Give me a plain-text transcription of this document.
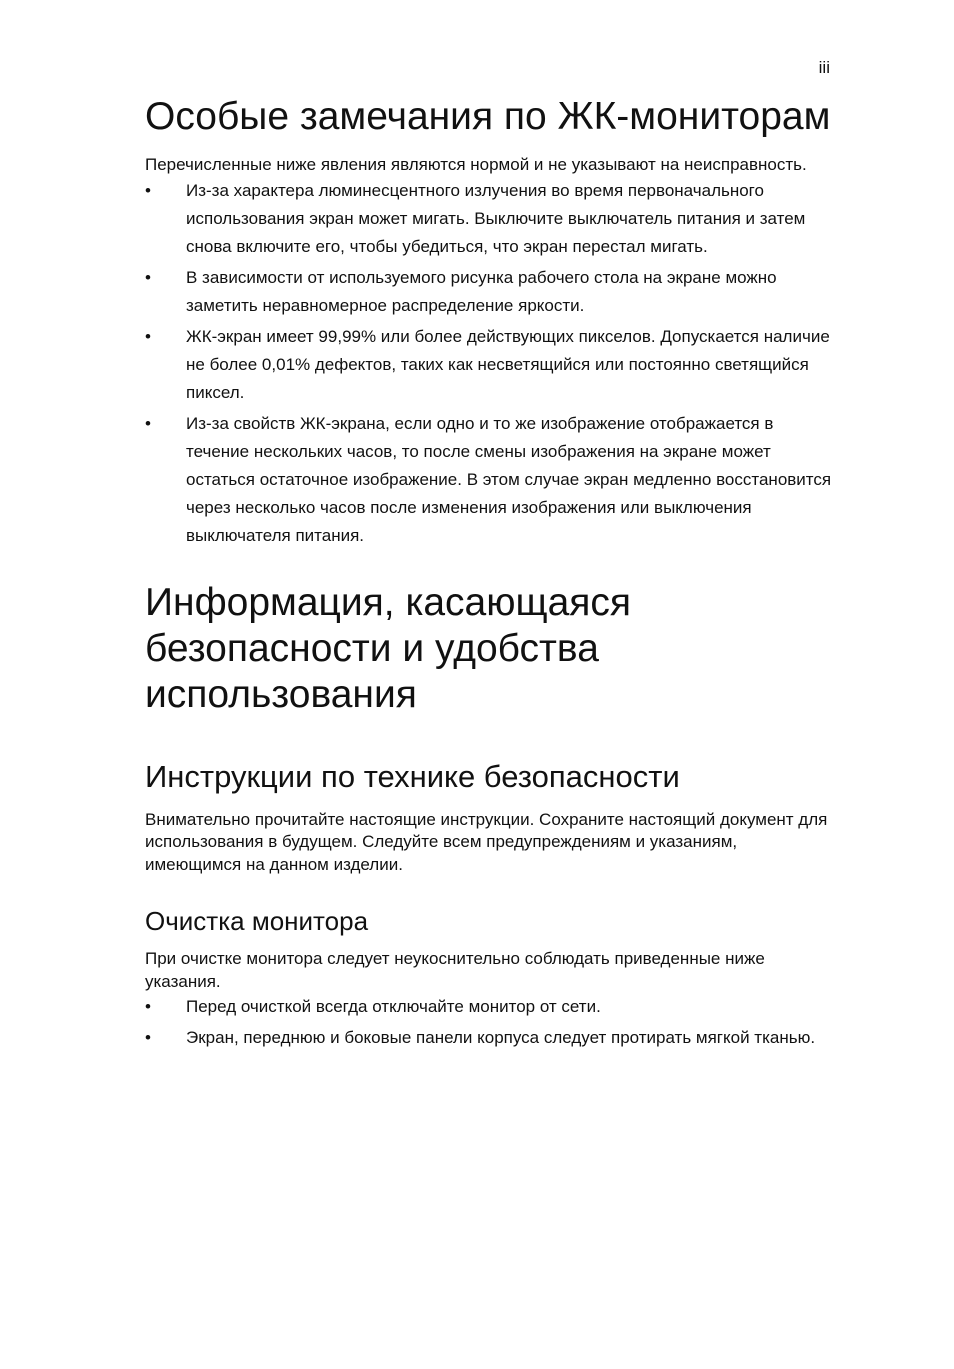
iii
Особые замечания по ЖК-мониторам

Перечисленные ниже явления являются нормой и не указывают на неисправность.

• Из-за характера люминесцентного излучения во время первоначального использования экран может мигать. Выключите выключатель питания и затем снова включите его, чтобы убедиться, что экран перестал мигать.
• В зависимости от используемого рисунка рабочего стола на экране можно заметить неравномерное распределение яркости.
• ЖК-экран имеет 99,99% или более действующих пикселов. Допускается наличие не более 0,01% дефектов, таких как несветящийся или постоянно светящийся пиксел.
• Из-за свойств ЖК-экрана, если одно и то же изображение отображается в течение нескольких часов, то после смены изображения на экране может остаться остаточное изображение. В этом случае экран медленно восстановится через несколько часов после изменения изображения или выключения выключателя питания.
Информация, касающаяся безопасности и удобства использования
Инструкции по технике безопасности

Внимательно прочитайте настоящие инструкции. Сохраните настоящий документ для использования в будущем. Следуйте всем предупреждениям и указаниям, имеющимся на данном изделии.

Очистка монитора

При очистке монитора следует неукоснительно соблюдать приведенные ниже указания.

• Перед очисткой всегда отключайте монитор от сети.
• Экран, переднюю и боковые панели корпуса следует протирать мягкой тканью.
